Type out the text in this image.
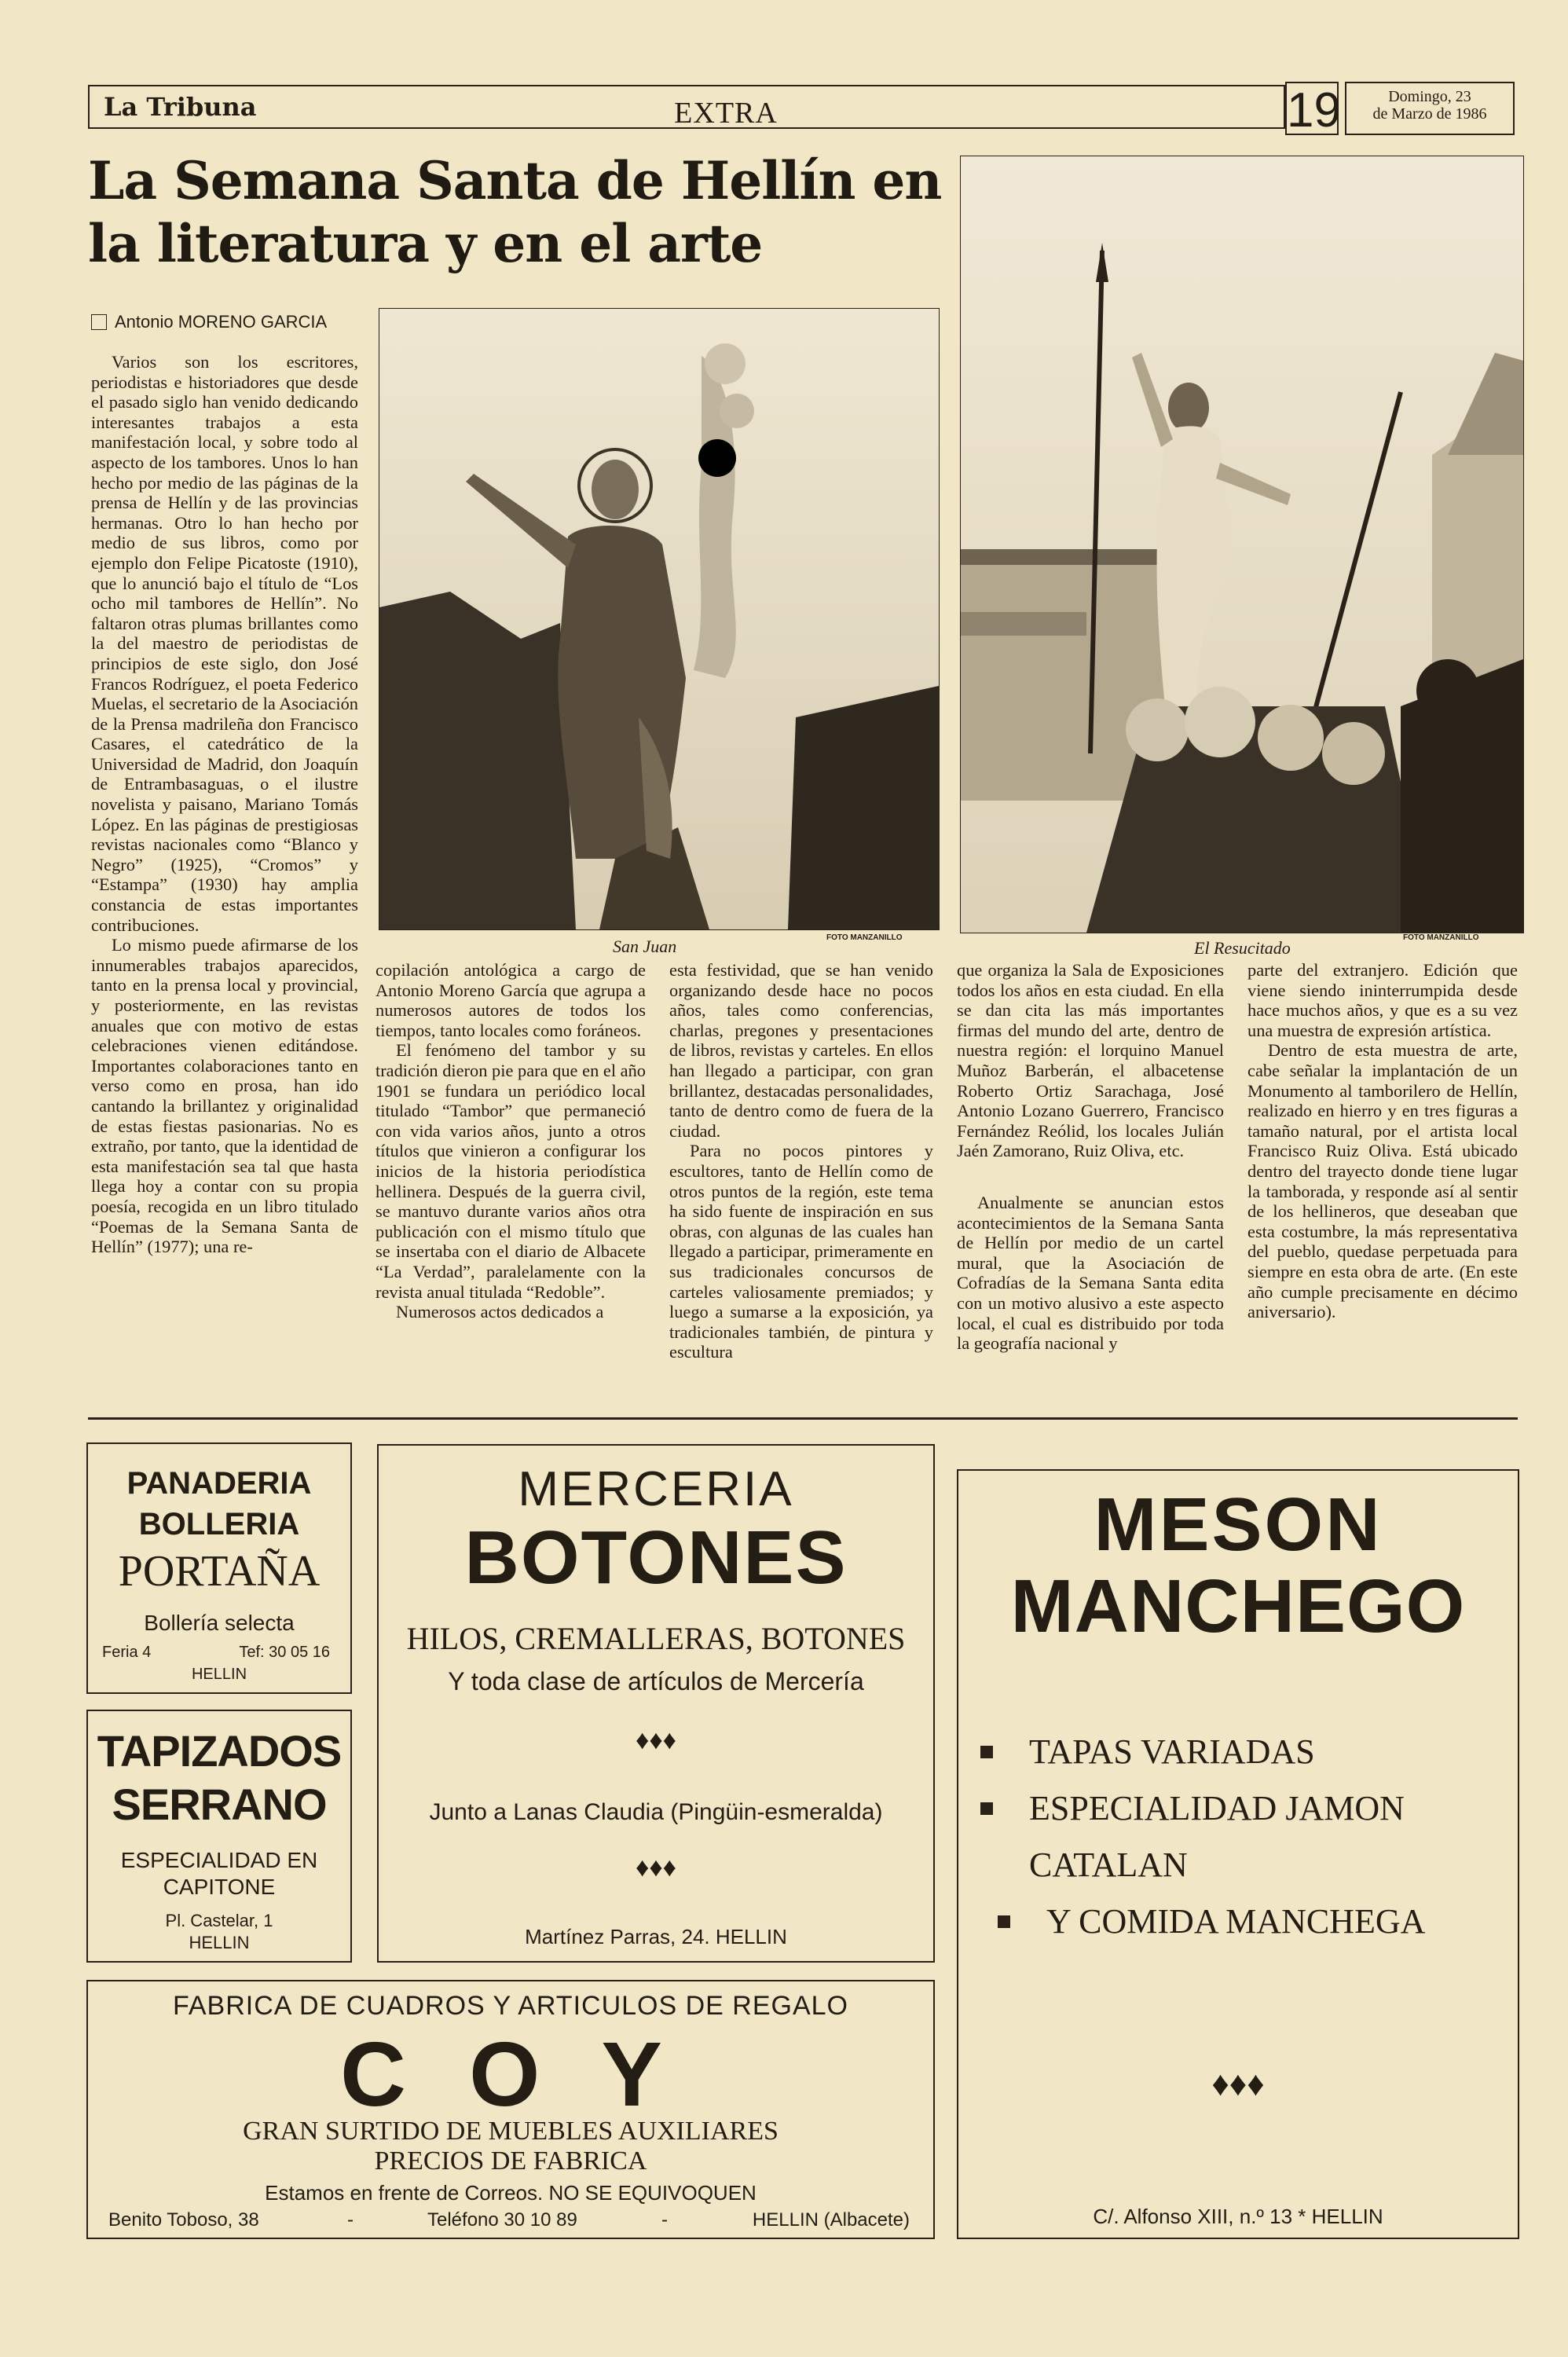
La Tribuna	EXTRA	19	Domingo, 23
de Marzo de 1986
La Semana Santa de Hellín en
la literatura y en el arte
Antonio MORENO GARCIA
San Juan	FOTO MANZANILLO
El Resucitado
FOTO MANZANILLO

Varios son los escritores, periodistas e historiadores que desde el pasado siglo han venido dedicando interesantes trabajos a esta manifestación local, y sobre todo al aspecto de los tambores. Unos lo han hecho por medio de las páginas de la prensa de Hellín y de las provincias hermanas. Otro lo han hecho por medio de sus libros, como por ejemplo don Felipe Picatoste (1910), que lo anunció bajo el título de “Los ocho mil tambores de Hellín”. No faltaron otras plumas brillantes como la del maestro de periodistas de principios de este siglo, don José Francos Rodríguez, el poeta Federico Muelas, el secretario de la Asociación de la Prensa madrileña don Francisco Casares, el catedrático de la Universidad de Madrid, don Joaquín de Entrambasaguas, o el ilustre novelista y paisano, Mariano Tomás López. En las páginas de prestigiosas revistas nacionales como “Blanco y Negro” (1925), “Cromos” y “Estampa” (1930) hay amplia constancia de estas importantes contribuciones.

Lo mismo puede afirmarse de los innumerables trabajos aparecidos, tanto en la prensa local y provincial, y posteriormente, en las revistas anuales que con motivo de estas celebraciones vienen editándose. Importantes colaboraciones tanto en verso como en prosa, han ido cantando la brillantez y originalidad de estas fiestas pasionarias. No es extraño, por tanto, que la identidad de esta manifestación sea tal que hasta llega hoy a contar con su propia poesía, recogida en un libro titulado “Poemas de la Semana Santa de Hellín” (1977); una re-

copilación antológica a cargo de Antonio Moreno García que agrupa a numerosos autores de todos los tiempos, tanto locales como foráneos.

El fenómeno del tambor y su tradición dieron pie para que en el año 1901 se fundara un periódico local titulado “Tambor” que permaneció con vida varios años, junto a otros títulos que vinieron a configurar los inicios de la historia periodística hellinera. Después de la guerra civil, se mantuvo durante varios años otra publicación con el mismo título que se insertaba con el diario de Albacete “La Verdad”, paralelamente con la revista anual titulada “Redoble”.

Numerosos actos dedicados a

esta festividad, que se han venido organizando desde hace no pocos años, tales como conferencias, charlas, pregones y presentaciones de libros, revistas y carteles. En ellos han llegado a participar, con gran brillantez, destacadas personalidades, tanto de dentro como de fuera de la ciudad.

Para no pocos pintores y escultores, tanto de Hellín como de otros puntos de la región, este tema ha sido fuente de inspiración en sus obras, con algunas de las cuales han llegado a participar, primeramente en sus tradicionales concursos de carteles valiosamente premiados; y luego a sumarse a la exposición, ya tradicionales también, de pintura y escultura

que organiza la Sala de Exposiciones todos los años en esta ciudad. En ella se dan cita las más importantes firmas del mundo del arte, dentro de nuestra región: el lorquino Manuel Muñoz Barberán, el albacetense Roberto Ortiz Sarachaga, José Antonio Lozano Guerrero, Francisco Fernández Reólid, los locales Julián Jaén Zamorano, Ruiz Oliva, etc.

Anualmente se anuncian estos acontecimientos de la Semana Santa de Hellín por medio de un cartel mural, que la Asociación de Cofradías de la Semana Santa edita con un motivo alusivo a este aspecto local, el cual es distribuido por toda la geografía nacional y

parte del extranjero. Edición que viene siendo ininterrumpida desde hace muchos años, y que es a su vez una muestra de expresión artística.

Dentro de esta muestra de arte, cabe señalar la implantación de un Monumento al tamborilero de Hellín, realizado en hierro y en tres figuras a tamaño natural, por el artista local Francisco Ruiz Oliva. Está ubicado dentro del trayecto donde tiene lugar la tamborada, y responde así al sentir de los hellineros, que deseaban que esta costumbre, la más representativa del pueblo, quedase perpetuada para siempre en esta obra de arte. (En este año cumple precisamente en décimo aniversario).

PANADERIA
BOLLERIA
PORTAÑA
Bollería selecta
Feria 4	Tef: 30 05 16
HELLIN
TAPIZADOS
SERRANO
ESPECIALIDAD EN
CAPITONE
Pl. Castelar, 1
HELLIN
MERCERIA
BOTONES
HILOS, CREMALLERAS, BOTONES
Y toda clase de artículos de Mercería
♦♦♦
Junto a Lanas Claudia (Pingüin-esmeralda)
♦♦♦
Martínez Parras, 24. HELLIN
MESON
MANCHEGO
TAPAS VARIADAS
ESPECIALIDAD JAMON
CATALAN
Y COMIDA MANCHEGA
♦♦♦
C/. Alfonso XIII, n.º 13 * HELLIN
FABRICA DE CUADROS Y ARTICULOS DE REGALO
C O Y
GRAN SURTIDO DE MUEBLES AUXILIARES
PRECIOS DE FABRICA
Estamos en frente de Correos. NO SE EQUIVOQUEN
Benito Toboso, 38	-	Teléfono 30 10 89	-	HELLIN (Albacete)
